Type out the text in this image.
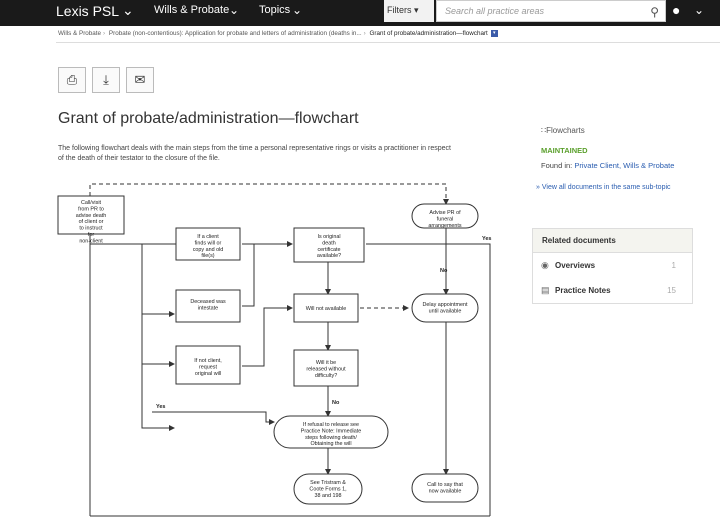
Lexis PSL ⌄ Wills & Probate ⌄ Topics ⌄	Filters ▾	Search all practice areas	⚲ ● ⌄
Wills & Probate › Probate (non-contentious): Application for probate and letters of administration (deaths in... › Grant of probate/administration—flowchart ▾
⎙	⤓	✉
Grant of probate/administration—flowchart
The following flowchart deals with the main steps from the time a personal representative rings or visits a practitioner in respect of the death of their testator to the closure of the file.
Call/visit from PR to advise death of client or to instruct for non-client
If a client finds will or copy and old file(s)
Is original death certificate available?
Advise PR of funeral arrangements
Deceased was intestate	Will not available
Delay appointment until available
If not client, request original will
Will it be released without difficulty?
If refusal to release see Practice Note: Immediate steps following death/ Obtaining the will
See Tristram & Coote Forms 1, 38 and 198
Call to say that now available
Yes
No
Yes
No
∷Flowcharts
MAINTAINED
Found in: Private Client, Wills & Probate
» View all documents in the same sub-topic
Related documents
◉ Overviews	1
▤ Practice Notes	15
